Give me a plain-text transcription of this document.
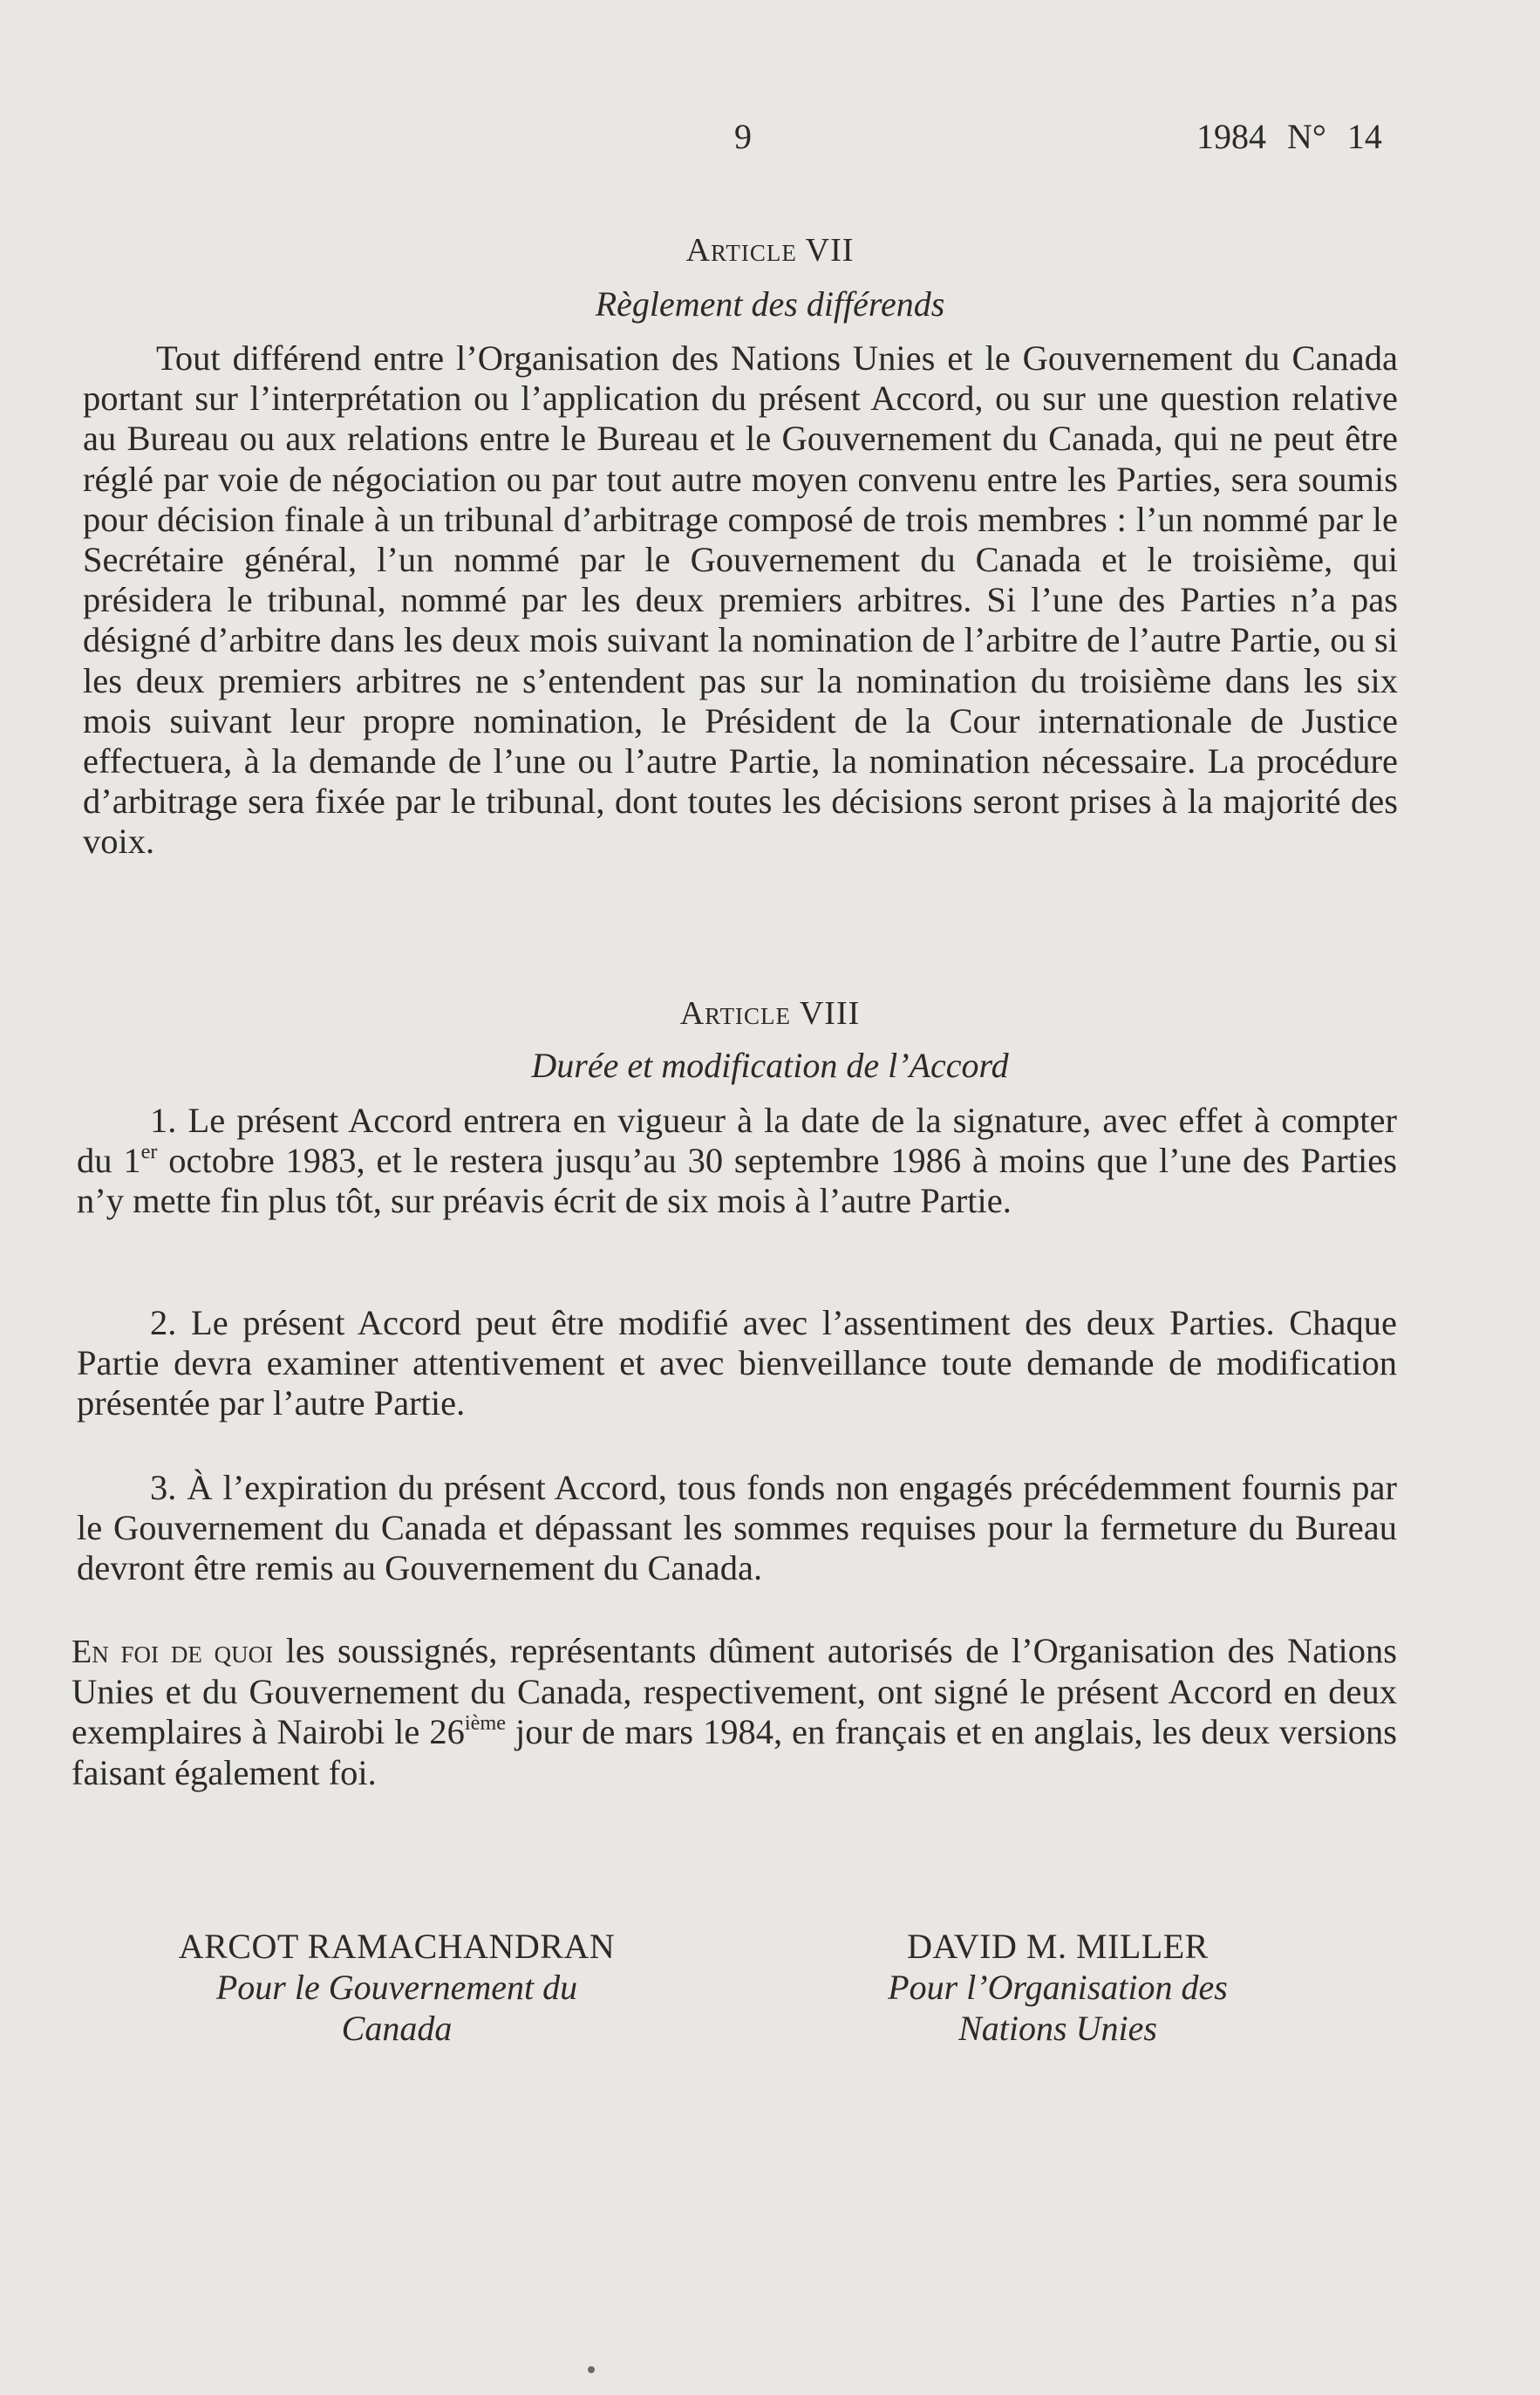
9	1984 N° 14
Article VII
Règlement des différends
Tout différend entre l’Organisation des Nations Unies et le Gouvernement du Canada portant sur l’interprétation ou l’application du présent Accord, ou sur une question relative au Bureau ou aux relations entre le Bureau et le Gouvernement du Canada, qui ne peut être réglé par voie de négociation ou par tout autre moyen convenu entre les Parties, sera soumis pour décision finale à un tribunal d’arbitrage composé de trois membres : l’un nommé par le Secrétaire général, l’un nommé par le Gouvernement du Canada et le troisième, qui présidera le tribunal, nommé par les deux premiers arbitres. Si l’une des Parties n’a pas désigné d’arbitre dans les deux mois suivant la nomination de l’arbitre de l’autre Partie, ou si les deux premiers arbitres ne s’entendent pas sur la nomination du troisième dans les six mois suivant leur propre nomination, le Président de la Cour internationale de Justice effectuera, à la demande de l’une ou l’autre Partie, la nomination nécessaire. La procédure d’arbitrage sera fixée par le tribunal, dont toutes les décisions seront prises à la majorité des voix.
Article VIII
Durée et modification de l’Accord
1. Le présent Accord entrera en vigueur à la date de la signature, avec effet à compter du 1er octobre 1983, et le restera jusqu’au 30 septembre 1986 à moins que l’une des Parties n’y mette fin plus tôt, sur préavis écrit de six mois à l’autre Partie.
2. Le présent Accord peut être modifié avec l’assentiment des deux Parties. Chaque Partie devra examiner attentivement et avec bienveillance toute demande de modification présentée par l’autre Partie.
3. À l’expiration du présent Accord, tous fonds non engagés précédemment fournis par le Gouvernement du Canada et dépassant les sommes requises pour la fermeture du Bureau devront être remis au Gouvernement du Canada.
En foi de quoi les soussignés, représentants dûment autorisés de l’Organisation des Nations Unies et du Gouvernement du Canada, respectivement, ont signé le présent Accord en deux exemplaires à Nairobi le 26ième jour de mars 1984, en français et en anglais, les deux versions faisant également foi.
ARCOT RAMACHANDRAN
Pour le Gouvernement du
Canada
DAVID M. MILLER
Pour l’Organisation des
Nations Unies
